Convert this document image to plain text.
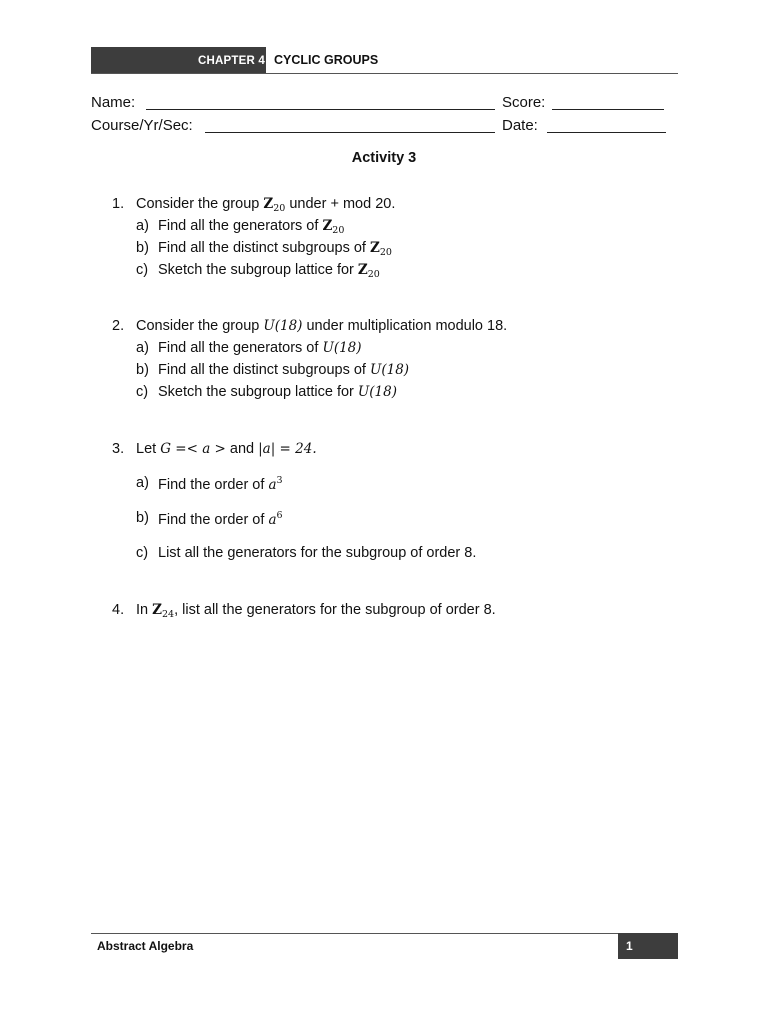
CHAPTER 4 CYCLIC GROUPS
Name:	Score:
Course/Yr/Sec:	Date:
Activity 3
1. Consider the group $Z_{20}$ under + mod 20.
a) Find all the generators of $Z_{20}$
b) Find all the distinct subgroups of $Z_{20}$
c) Sketch the subgroup lattice for $Z_{20}$
2. Consider the group U(18) under multiplication modulo 18.
a) Find all the generators of U(18)
b) Find all the distinct subgroups of U(18)
c) Sketch the subgroup lattice for U(18)
3. Let G =< a > and |a| = 24.
a) Find the order of $a^3$
b) Find the order of $a^6$
c) List all the generators for the subgroup of order 8.
4. In $Z_{24}$, list all the generators for the subgroup of order 8.
Abstract Algebra	1
